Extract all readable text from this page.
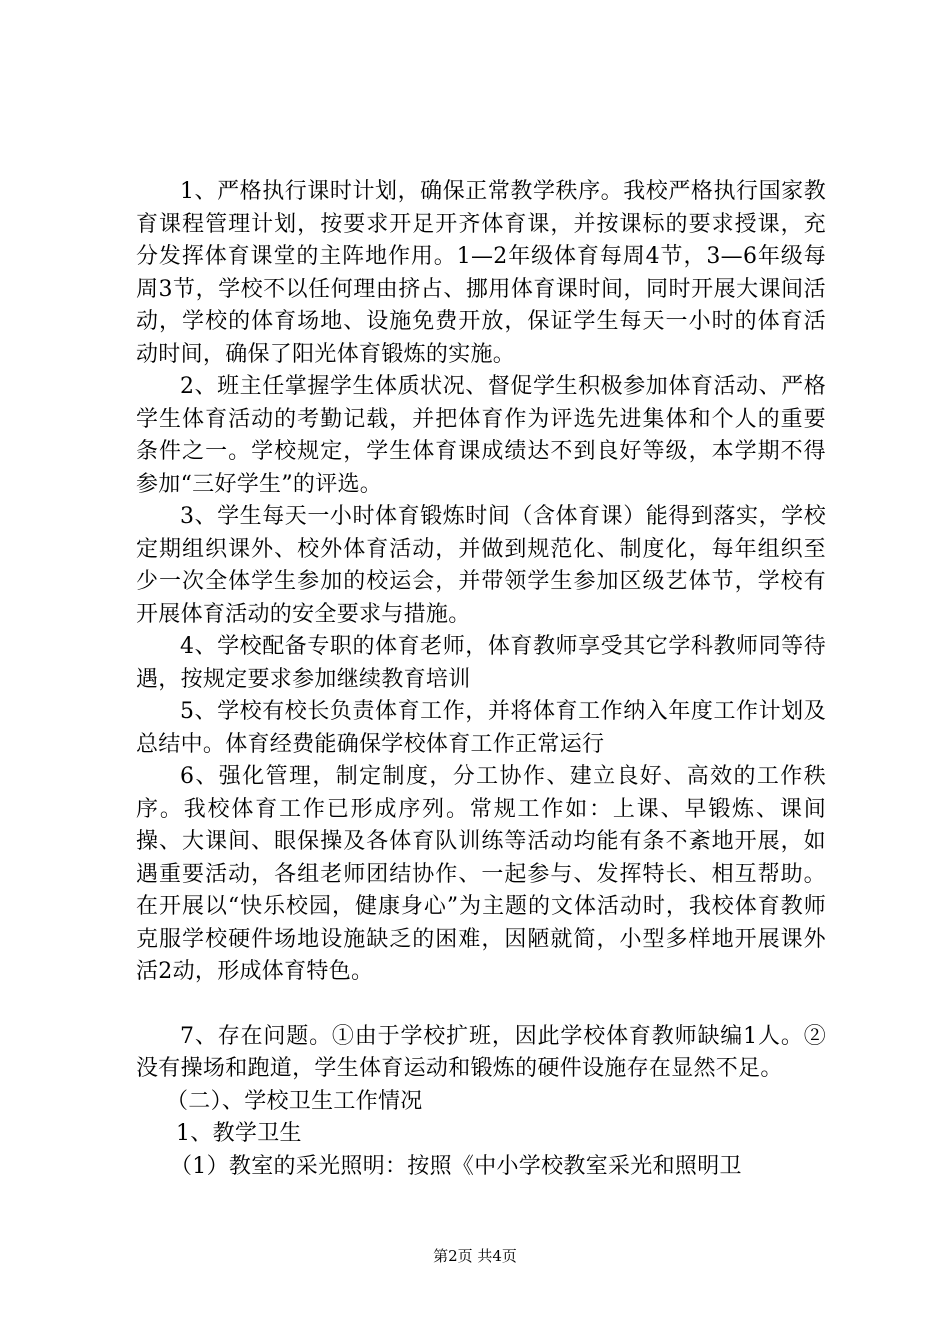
1、严格执行课时计划，确保正常教学秩序。我校严格执行国家教育课程管理计划，按要求开足开齐体育课，并按课标的要求授课，充分发挥体育课堂的主阵地作用。1—2年级体育每周4节，3—6年级每周3节，学校不以任何理由挤占、挪用体育课时间，同时开展大课间活动，学校的体育场地、设施免费开放，保证学生每天一小时的体育活动时间，确保了阳光体育锻炼的实施。

2、班主任掌握学生体质状况、督促学生积极参加体育活动、严格学生体育活动的考勤记载，并把体育作为评选先进集体和个人的重要条件之一。学校规定，学生体育课成绩达不到良好等级，本学期不得参加“三好学生”的评选。

3、学生每天一小时体育锻炼时间（含体育课）能得到落实，学校定期组织课外、校外体育活动，并做到规范化、制度化，每年组织至少一次全体学生参加的校运会，并带领学生参加区级艺体节，学校有开展体育活动的安全要求与措施。

4、学校配备专职的体育老师，体育教师享受其它学科教师同等待遇，按规定要求参加继续教育培训

5、学校有校长负责体育工作，并将体育工作纳入年度工作计划及总结中。体育经费能确保学校体育工作正常运行

6、强化管理，制定制度，分工协作、建立良好、高效的工作秩序。我校体育工作已形成序列。常规工作如：上课、早锻炼、课间操、大课间、眼保操及各体育队训练等活动均能有条不紊地开展，如遇重要活动，各组老师团结协作、一起参与、发挥特长、相互帮助。在开展以“快乐校园，健康身心”为主题的文体活动时，我校体育教师克服学校硬件场地设施缺乏的困难，因陋就简，小型多样地开展课外活2动，形成体育特色。

7、存在问题。①由于学校扩班，因此学校体育教师缺编1人。②没有操场和跑道，学生体育运动和锻炼的硬件设施存在显然不足。

（二）、学校卫生工作情况

1、教学卫生

（1）教室的采光照明：按照《中小学校教室采光和照明卫

第2页 共4页
